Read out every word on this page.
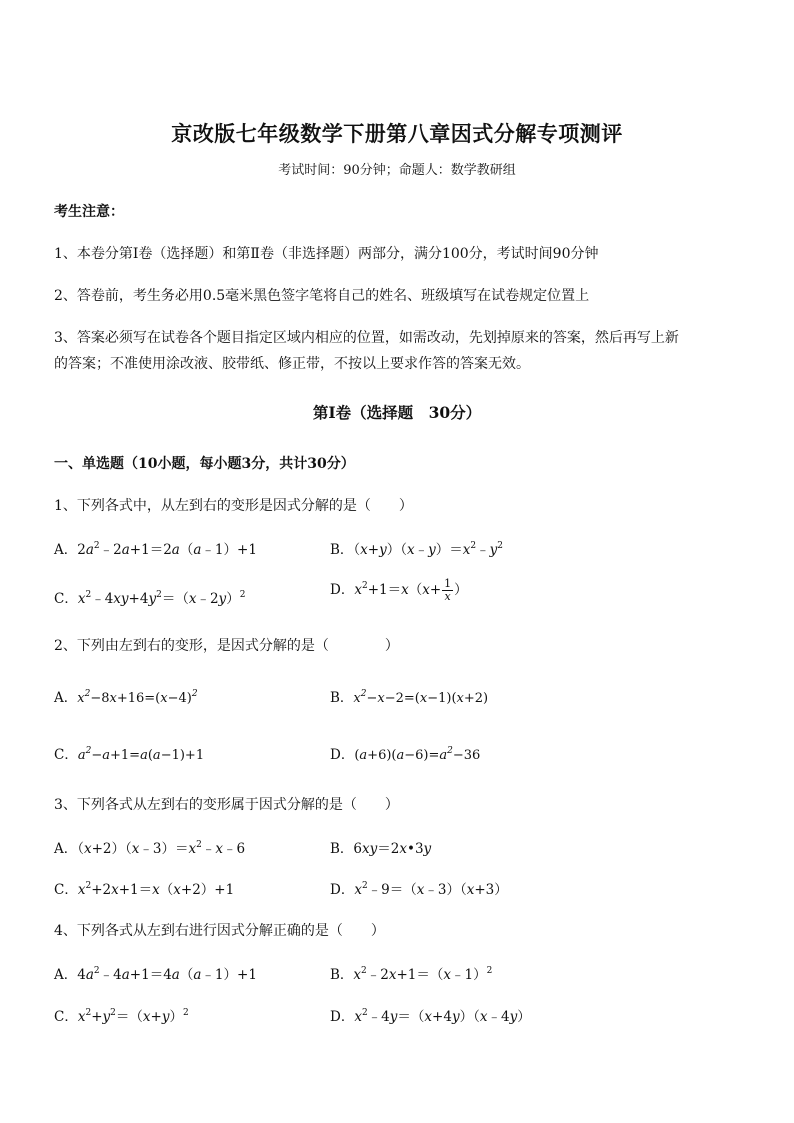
京改版七年级数学下册第八章因式分解专项测评
考试时间：90分钟；命题人：数学教研组
考生注意：
1、本卷分第Ⅰ卷（选择题）和第Ⅱ卷（非选择题）两部分，满分100分，考试时间90分钟
2、答卷前，考生务必用0.5毫米黑色签字笔将自己的姓名、班级填写在试卷规定位置上
3、答案必须写在试卷各个题目指定区域内相应的位置，如需改动，先划掉原来的答案，然后再写上新
的答案；不准使用涂改液、胶带纸、修正带，不按以上要求作答的答案无效。
第Ⅰ卷（选择题　30分）
一、单选题（10小题，每小题3分，共计30分）
1、下列各式中，从左到右的变形是因式分解的是（　　）
A．$2a^2﹣2a+1=2a(a﹣1)+1$	B．$(x+y)(x﹣y)=x^2﹣y^2$
C．$x^2﹣4xy+4y^2=(x﹣2y)^2$	D．$x^2+1=x(x+ \frac{1}{x}$ ）
2、下列由左到右的变形，是因式分解的是（　　　　）
A．$x^2-8x+16=(x-4)^2$	B．$x^2-x-2=(x-1)(x+2)$
C．$a^2-a+1=a(a-1)+1$	D．$(a+6)(a-6)=a^2-36$
3、下列各式从左到右的变形属于因式分解的是（　　）
A．$(x+2)(x﹣3)=x^2﹣x﹣6$	B．6xy＝2x•3y
C．$x^2+2x+1=x(x+2)+1$	D．$x^2﹣9=(x﹣3)(x+3)$
4、下列各式从左到右进行因式分解正确的是（　　）
A．$4a^2﹣4a+1=4a(a﹣1)+1$	B．$x^2﹣2x+1=(x﹣1)^2$
C．$x^2+y^2=(x+y)^2$	D．$x^2﹣4y=(x+4y)(x﹣4y)$
